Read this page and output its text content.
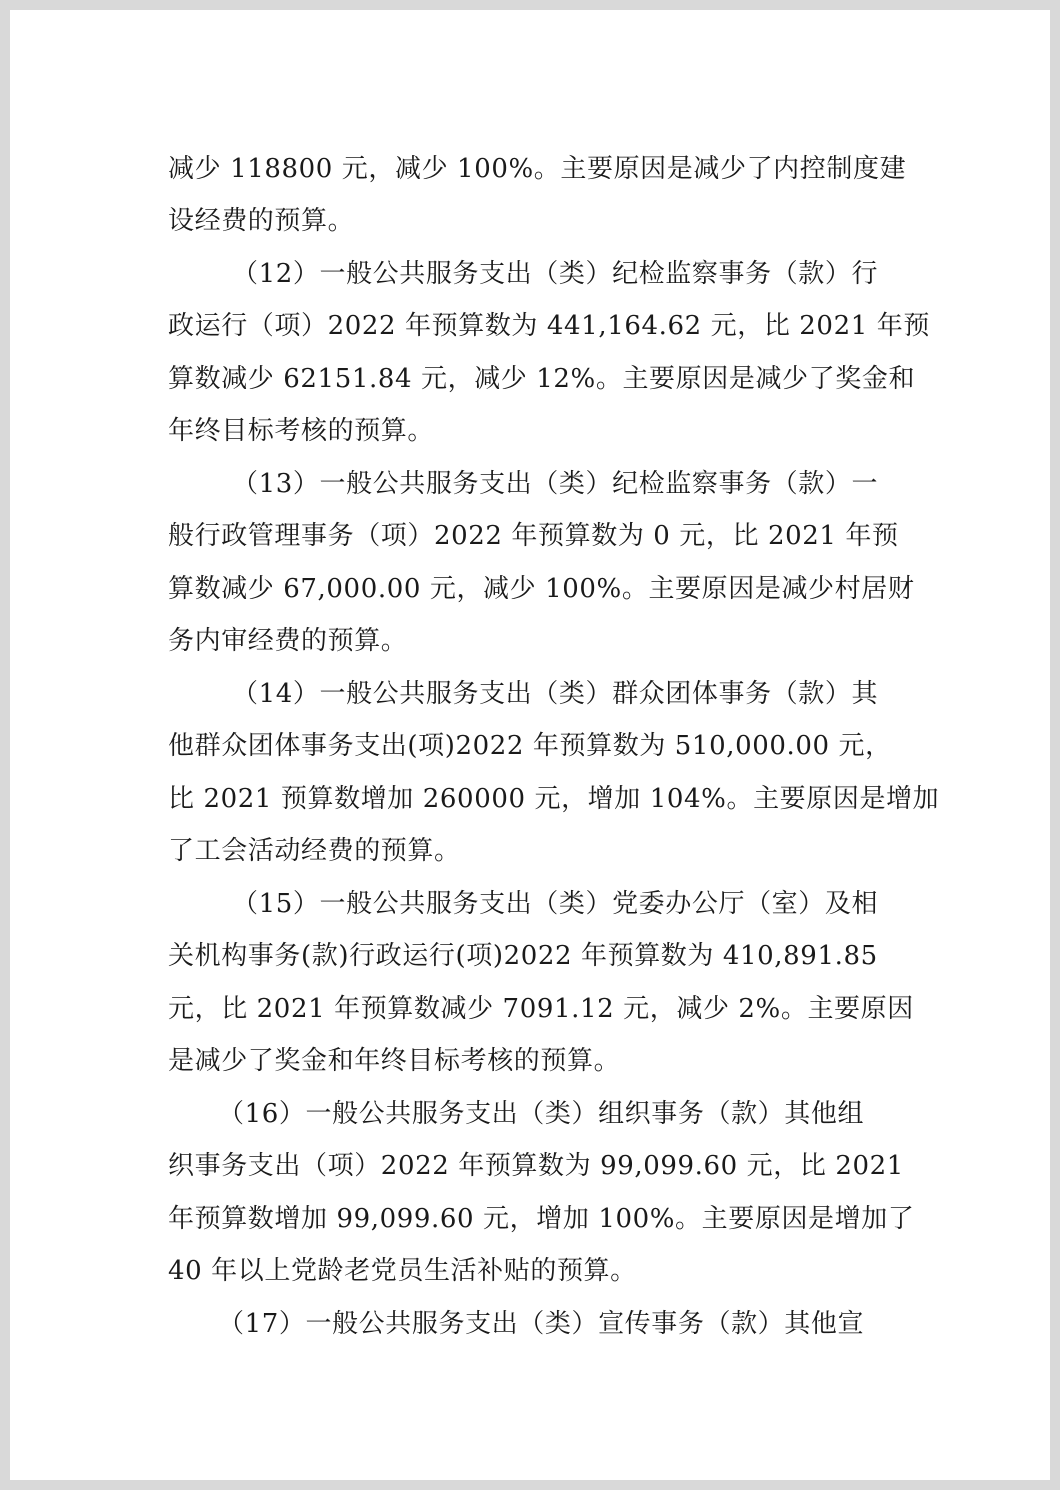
减少 118800 元，减少 100%。主要原因是减少了内控制度建
设经费的预算。
（12）一般公共服务支出（类）纪检监察事务（款）行
政运行（项）2022 年预算数为 441,164.62 元，比 2021 年预
算数减少 62151.84 元，减少 12%。主要原因是减少了奖金和
年终目标考核的预算。
（13）一般公共服务支出（类）纪检监察事务（款）一
般行政管理事务（项）2022 年预算数为 0 元，比 2021 年预
算数减少 67,000.00 元，减少 100%。主要原因是减少村居财
务内审经费的预算。
（14）一般公共服务支出（类）群众团体事务（款）其
他群众团体事务支出(项)2022 年预算数为 510,000.00 元，
比 2021 预算数增加 260000 元，增加 104%。主要原因是增加
了工会活动经费的预算。
（15）一般公共服务支出（类）党委办公厅（室）及相
关机构事务(款)行政运行(项)2022 年预算数为 410,891.85
元，比 2021 年预算数减少 7091.12 元，减少 2%。主要原因
是减少了奖金和年终目标考核的预算。
（16）一般公共服务支出（类）组织事务（款）其他组
织事务支出（项）2022 年预算数为 99,099.60 元，比 2021
年预算数增加 99,099.60 元，增加 100%。主要原因是增加了
40 年以上党龄老党员生活补贴的预算。
（17）一般公共服务支出（类）宣传事务（款）其他宣
